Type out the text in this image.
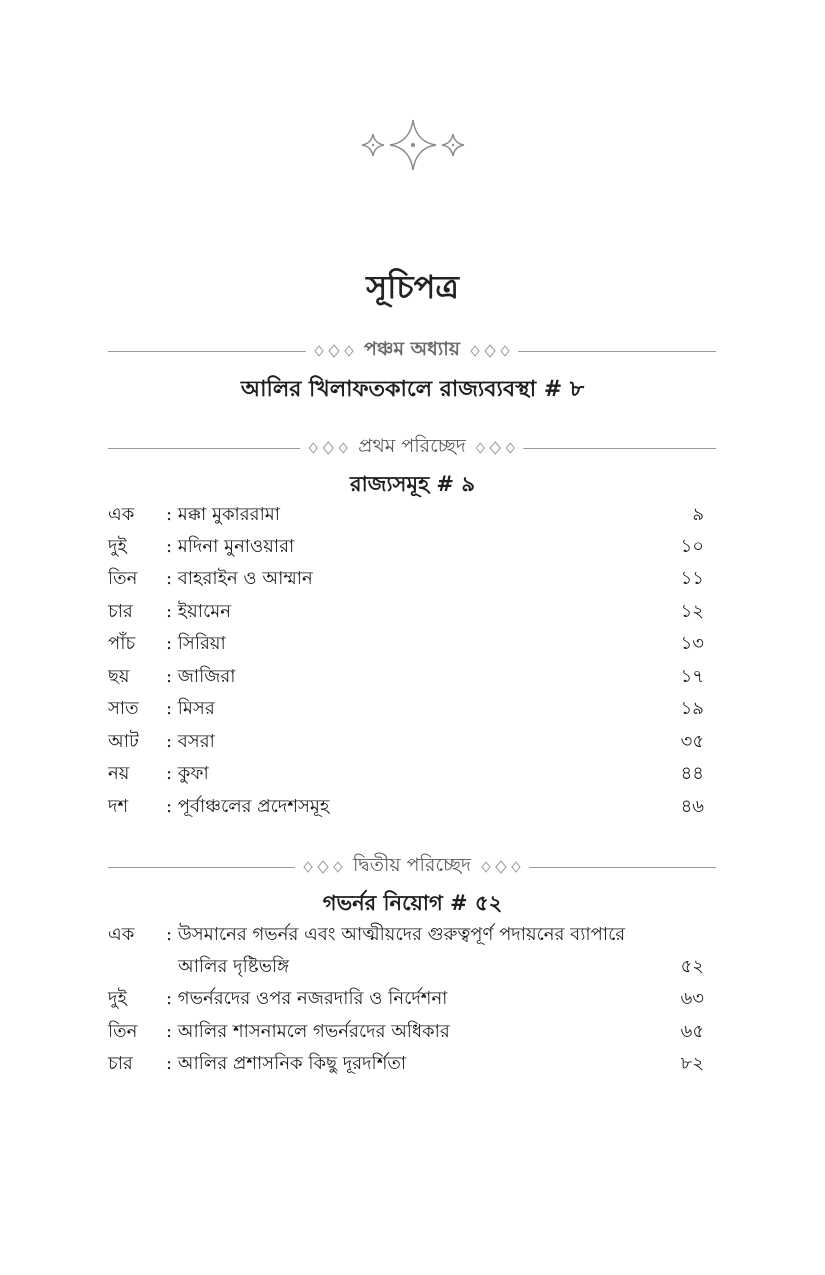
সূচিপত্র
পঞ্চম অধ্যায়
আলির খিলাফতকালে রাজ্যব্যবস্থা # ৮
প্রথম পরিচ্ছেদ
রাজ্যসমূহ # ৯
এক	: মক্কা মুকাররামা	৯
দুই	: মদিনা মুনাওয়ারা	১০
তিন	: বাহরাইন ও আম্মান	১১
চার	: ইয়ামেন	১২
পাঁচ	: সিরিয়া	১৩
ছয়	: জাজিরা	১৭
সাত	: মিসর	১৯
আট	: বসরা	৩৫
নয়	: কুফা	৪৪
দশ	: পূর্বাঞ্চলের প্রদেশসমূহ	৪৬
দ্বিতীয় পরিচ্ছেদ
গভর্নর নিয়োগ # ৫২
এক	: উসমানের গভর্নর এবং আত্মীয়দের গুরুত্বপূর্ণ পদায়নের ব্যাপারে
আলির দৃষ্টিভঙ্গি	৫২
দুই	: গভর্নরদের ওপর নজরদারি ও নির্দেশনা	৬৩
তিন	: আলির শাসনামলে গভর্নরদের অধিকার	৬৫
চার	: আলির প্রশাসনিক কিছু দূরদর্শিতা	৮২
